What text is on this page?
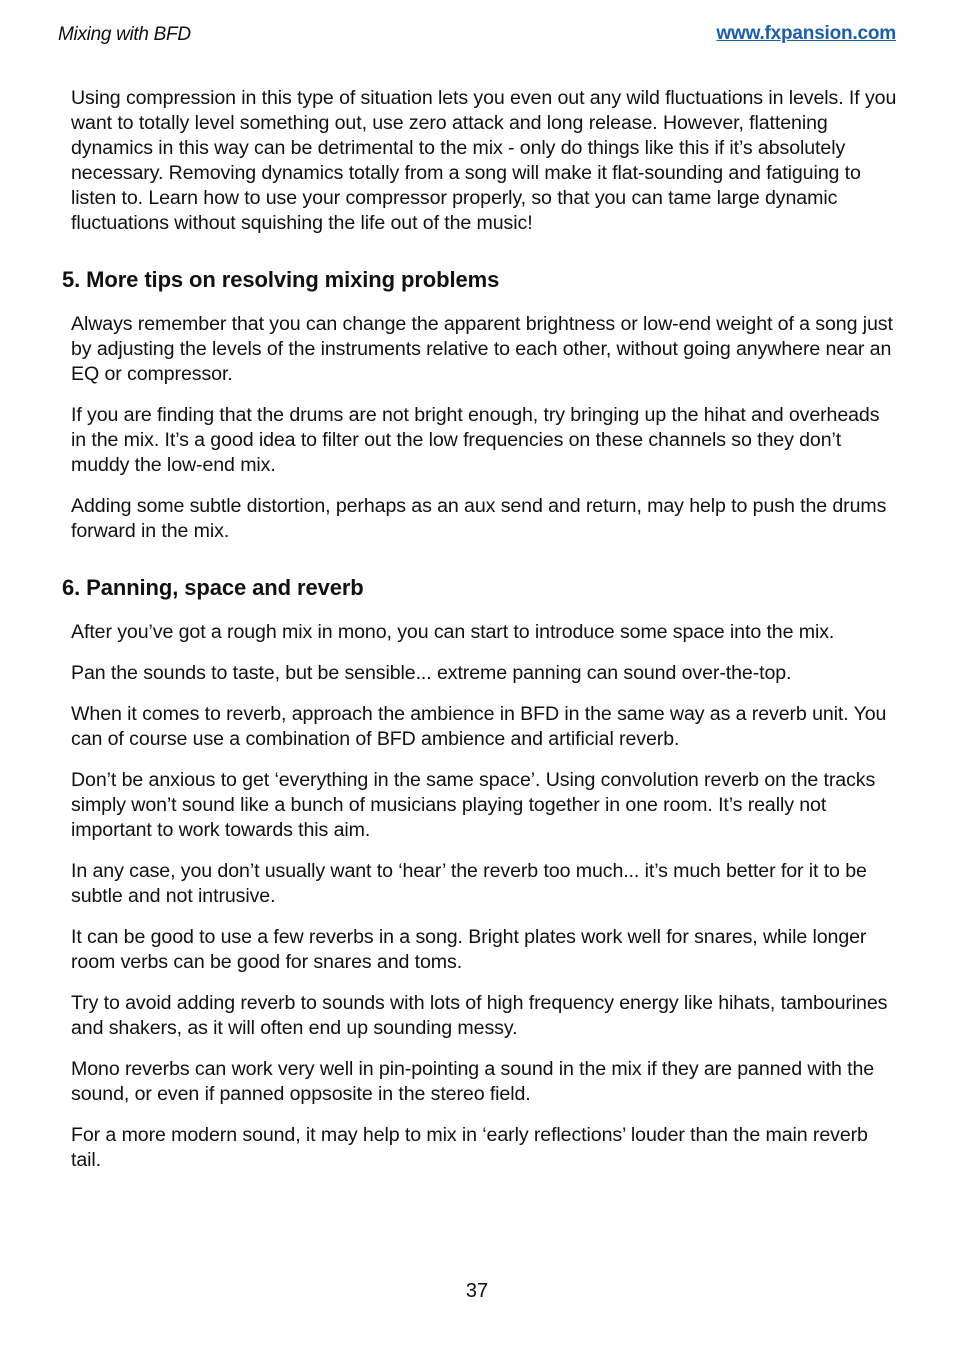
Mixing with BFD	www.fxpansion.com

Using compression in this type of situation lets you even out any wild fluctuations in levels. If you want to totally level something out, use zero attack and long release. However, flattening dynamics in this way can be detrimental to the mix - only do things like this if it’s absolutely necessary. Removing dynamics totally from a song will make it flat-sounding and fatiguing to listen to. Learn how to use your compressor properly, so that you can tame large dynamic fluctuations without squishing the life out of the music!

5. More tips on resolving mixing problems

Always remember that you can change the apparent brightness or low-end weight of a song just by adjusting the levels of the instruments relative to each other, without going anywhere near an EQ or compressor.

If you are finding that the drums are not bright enough, try bringing up the hihat and overheads in the mix. It’s a good idea to filter out the low frequencies on these channels so they don’t muddy the low-end mix.

Adding some subtle distortion, perhaps as an aux send and return, may help to push the drums forward in the mix.

6. Panning, space and reverb

After you’ve got a rough mix in mono, you can start to introduce some space into the mix.

Pan the sounds to taste, but be sensible... extreme panning can sound over-the-top.

When it comes to reverb, approach the ambience in BFD in the same way as a reverb unit. You can of course use a combination of BFD ambience and artificial reverb.

Don’t be anxious to get ‘everything in the same space’. Using convolution reverb on the tracks simply won’t sound like a bunch of musicians playing together in one room. It’s really not important to work towards this aim.

In any case, you don’t usually want to ‘hear’ the reverb too much... it’s much better for it to be subtle and not intrusive.

It can be good to use a few reverbs in a song. Bright plates work well for snares, while longer room verbs can be good for snares and toms.

Try to avoid adding reverb to sounds with lots of high frequency energy like hihats, tambourines and shakers, as it will often end up sounding messy.

Mono reverbs can work very well in pin-pointing a sound in the mix if they are panned with the sound, or even if panned oppsosite in the stereo field.

For a more modern sound, it may help to mix in ‘early reflections’ louder than the main reverb tail.

37
